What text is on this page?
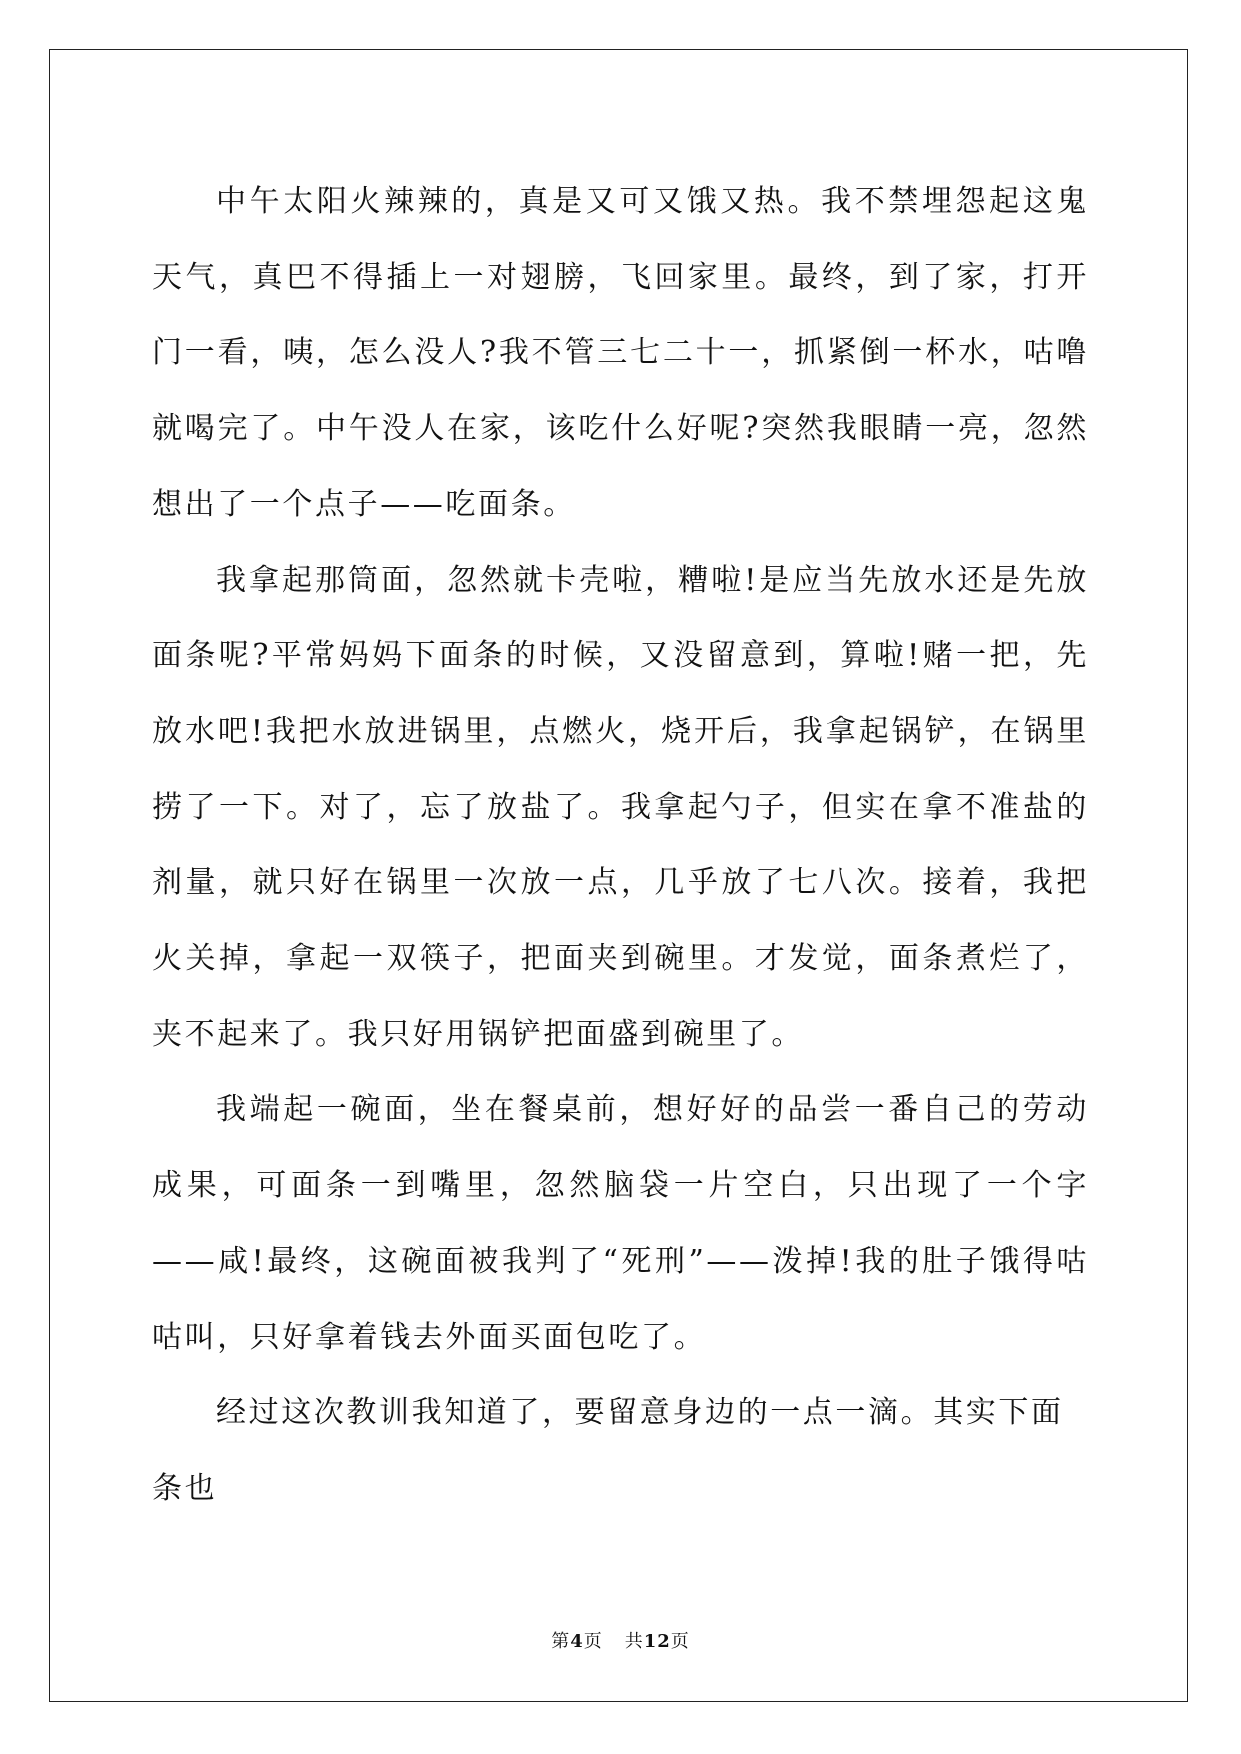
中午太阳火辣辣的，真是又可又饿又热。我不禁埋怨起这鬼天气，真巴不得插上一对翅膀，飞回家里。最终，到了家，打开门一看，咦，怎么没人?我不管三七二十一，抓紧倒一杯水，咕噜就喝完了。中午没人在家，该吃什么好呢?突然我眼睛一亮，忽然想出了一个点子——吃面条。

我拿起那筒面，忽然就卡壳啦，糟啦!是应当先放水还是先放面条呢?平常妈妈下面条的时候，又没留意到，算啦!赌一把，先放水吧!我把水放进锅里，点燃火，烧开后，我拿起锅铲，在锅里捞了一下。对了，忘了放盐了。我拿起勺子，但实在拿不准盐的剂量，就只好在锅里一次放一点，几乎放了七八次。接着，我把火关掉，拿起一双筷子，把面夹到碗里。才发觉，面条煮烂了，夹不起来了。我只好用锅铲把面盛到碗里了。

我端起一碗面，坐在餐桌前，想好好的品尝一番自己的劳动成果，可面条一到嘴里，忽然脑袋一片空白，只出现了一个字——咸!最终，这碗面被我判了“死刑”——泼掉!我的肚子饿得咕咕叫，只好拿着钱去外面买面包吃了。

经过这次教训我知道了，要留意身边的一点一滴。其实下面条也

第4页 共12页
